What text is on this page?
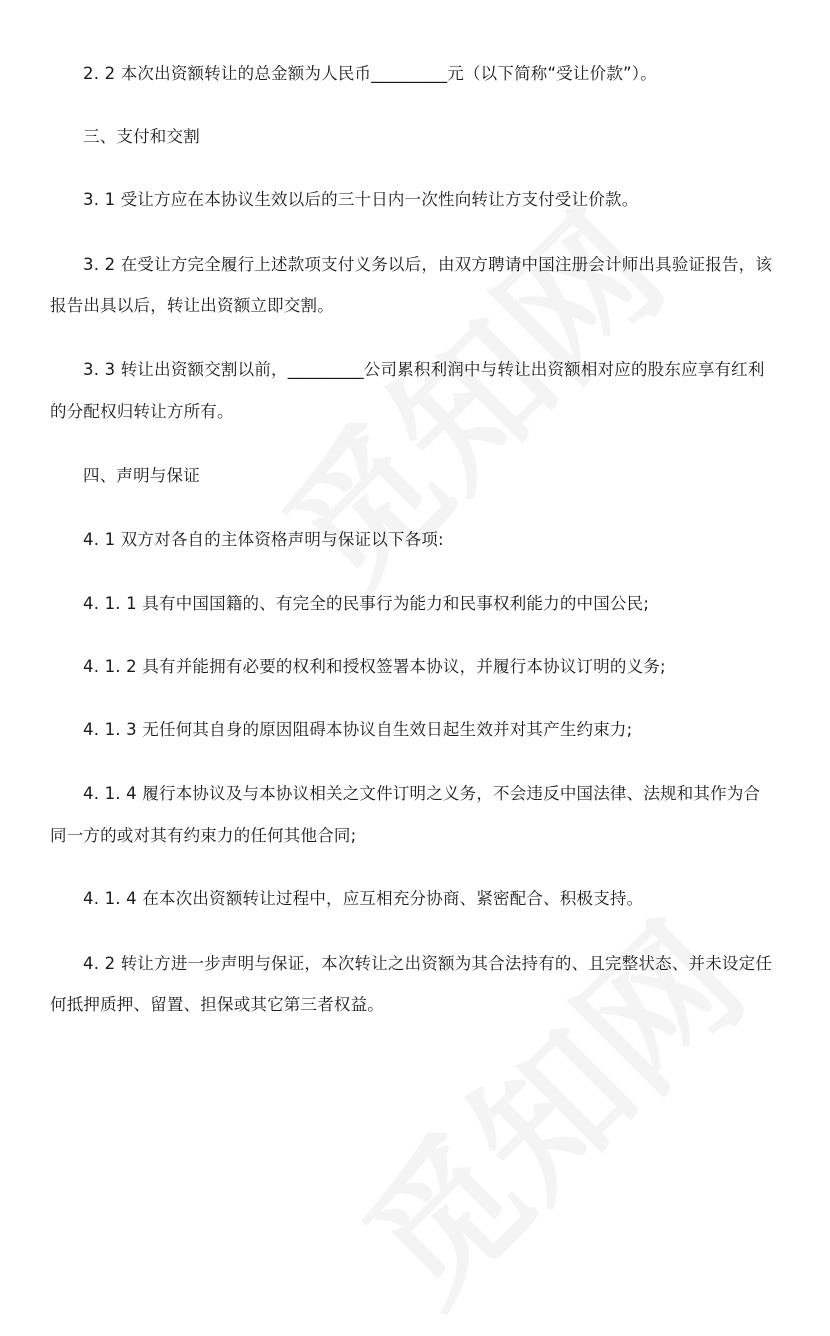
2. 2 本次出资额转让的总金额为人民币_________元（以下简称“受让价款”）。
三、支付和交割
3. 1 受让方应在本协议生效以后的三十日内一次性向转让方支付受让价款。
3. 2 在受让方完全履行上述款项支付义务以后，由双方聘请中国注册会计师出具验证报告，该
报告出具以后，转让出资额立即交割。
3. 3 转让出资额交割以前，_________公司累积利润中与转让出资额相对应的股东应享有红利
的分配权归转让方所有。
四、声明与保证
4. 1 双方对各自的主体资格声明与保证以下各项:
4. 1. 1 具有中国国籍的、有完全的民事行为能力和民事权利能力的中国公民;
4. 1. 2 具有并能拥有必要的权利和授权签署本协议，并履行本协议订明的义务;
4. 1. 3 无任何其自身的原因阻碍本协议自生效日起生效并对其产生约束力;
4. 1. 4 履行本协议及与本协议相关之文件订明之义务，不会违反中国法律、法规和其作为合
同一方的或对其有约束力的任何其他合同;
4. 1. 4 在本次出资额转让过程中，应互相充分协商、紧密配合、积极支持。
4. 2 转让方进一步声明与保证，本次转让之出资额为其合法持有的、且完整状态、并未设定任
何抵押质押、留置、担保或其它第三者权益。
